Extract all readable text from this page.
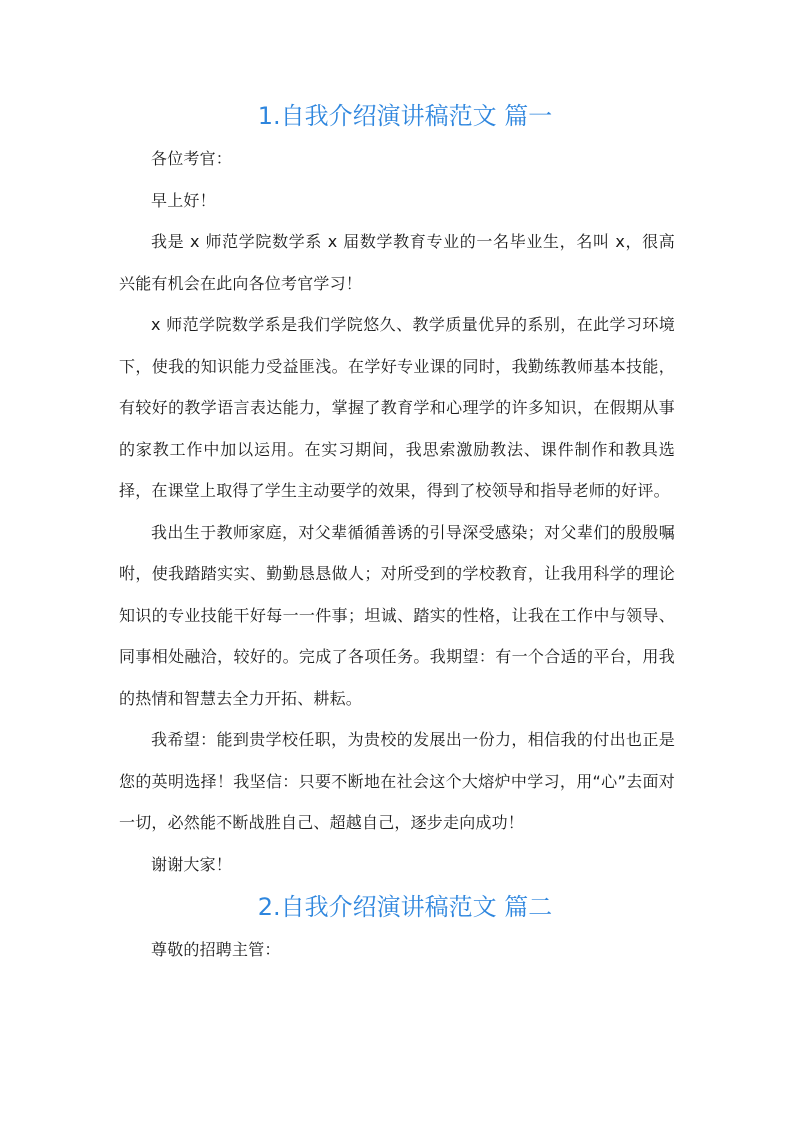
1.自我介绍演讲稿范文 篇一

各位考官：

早上好！

我是 x 师范学院数学系 x 届数学教育专业的一名毕业生，名叫 x，很高兴能有机会在此向各位考官学习！

x 师范学院数学系是我们学院悠久、教学质量优异的系别，在此学习环境下，使我的知识能力受益匪浅。在学好专业课的同时，我勤练教师基本技能，有较好的教学语言表达能力，掌握了教育学和心理学的许多知识，在假期从事的家教工作中加以运用。在实习期间，我思索激励教法、课件制作和教具选择，在课堂上取得了学生主动要学的效果，得到了校领导和指导老师的好评。

我出生于教师家庭，对父辈循循善诱的引导深受感染；对父辈们的殷殷嘱咐，使我踏踏实实、勤勤恳恳做人；对所受到的学校教育，让我用科学的理论知识的专业技能干好每一一件事；坦诚、踏实的性格，让我在工作中与领导、同事相处融洽，较好的。完成了各项任务。我期望：有一个合适的平台，用我的热情和智慧去全力开拓、耕耘。

我希望：能到贵学校任职，为贵校的发展出一份力，相信我的付出也正是您的英明选择！我坚信：只要不断地在社会这个大熔炉中学习，用“心”去面对一切，必然能不断战胜自己、超越自己，逐步走向成功！

谢谢大家！

2.自我介绍演讲稿范文 篇二

尊敬的招聘主管：
